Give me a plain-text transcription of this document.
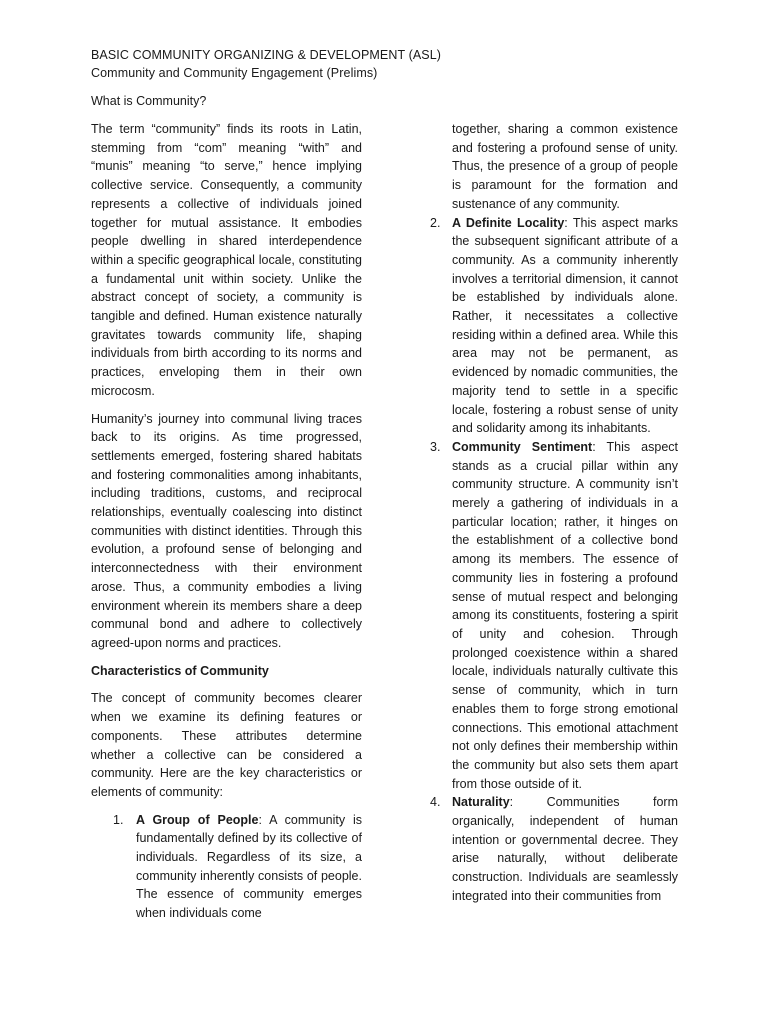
BASIC COMMUNITY ORGANIZING & DEVELOPMENT (ASL)
Community and Community Engagement (Prelims)
What is Community?

The term “community” finds its roots in Latin, stemming from “com” meaning “with” and “munis” meaning “to serve,” hence implying collective service. Consequently, a community represents a collective of individuals joined together for mutual assistance. It embodies people dwelling in shared interdependence within a specific geographical locale, constituting a fundamental unit within society. Unlike the abstract concept of society, a community is tangible and defined. Human existence naturally gravitates towards community life, shaping individuals from birth according to its norms and practices, enveloping them in their own microcosm.

Humanity’s journey into communal living traces back to its origins. As time progressed, settlements emerged, fostering shared habitats and fostering commonalities among inhabitants, including traditions, customs, and reciprocal relationships, eventually coalescing into distinct communities with distinct identities. Through this evolution, a profound sense of belonging and interconnectedness with their environment arose. Thus, a community embodies a living environment wherein its members share a deep communal bond and adhere to collectively agreed-upon norms and practices.

Characteristics of Community

The concept of community becomes clearer when we examine its defining features or components. These attributes determine whether a collective can be considered a community. Here are the key characteristics or elements of community:

1. A Group of People: A community is fundamentally defined by its collective of individuals. Regardless of its size, a community inherently consists of people. The essence of community emerges when individuals come

together, sharing a common existence and fostering a profound sense of unity. Thus, the presence of a group of people is paramount for the formation and sustenance of any community.

2. A Definite Locality: This aspect marks the subsequent significant attribute of a community. As a community inherently involves a territorial dimension, it cannot be established by individuals alone. Rather, it necessitates a collective residing within a defined area. While this area may not be permanent, as evidenced by nomadic communities, the majority tend to settle in a specific locale, fostering a robust sense of unity and solidarity among its inhabitants.
3. Community Sentiment: This aspect stands as a crucial pillar within any community structure. A community isn’t merely a gathering of individuals in a particular location; rather, it hinges on the establishment of a collective bond among its members. The essence of community lies in fostering a profound sense of mutual respect and belonging among its constituents, fostering a spirit of unity and cohesion. Through prolonged coexistence within a shared locale, individuals naturally cultivate this sense of community, which in turn enables them to forge strong emotional connections. This emotional attachment not only defines their membership within the community but also sets them apart from those outside of it.
4. Naturality: Communities form organically, independent of human intention or governmental decree. They arise naturally, without deliberate construction. Individuals are seamlessly integrated into their communities from
